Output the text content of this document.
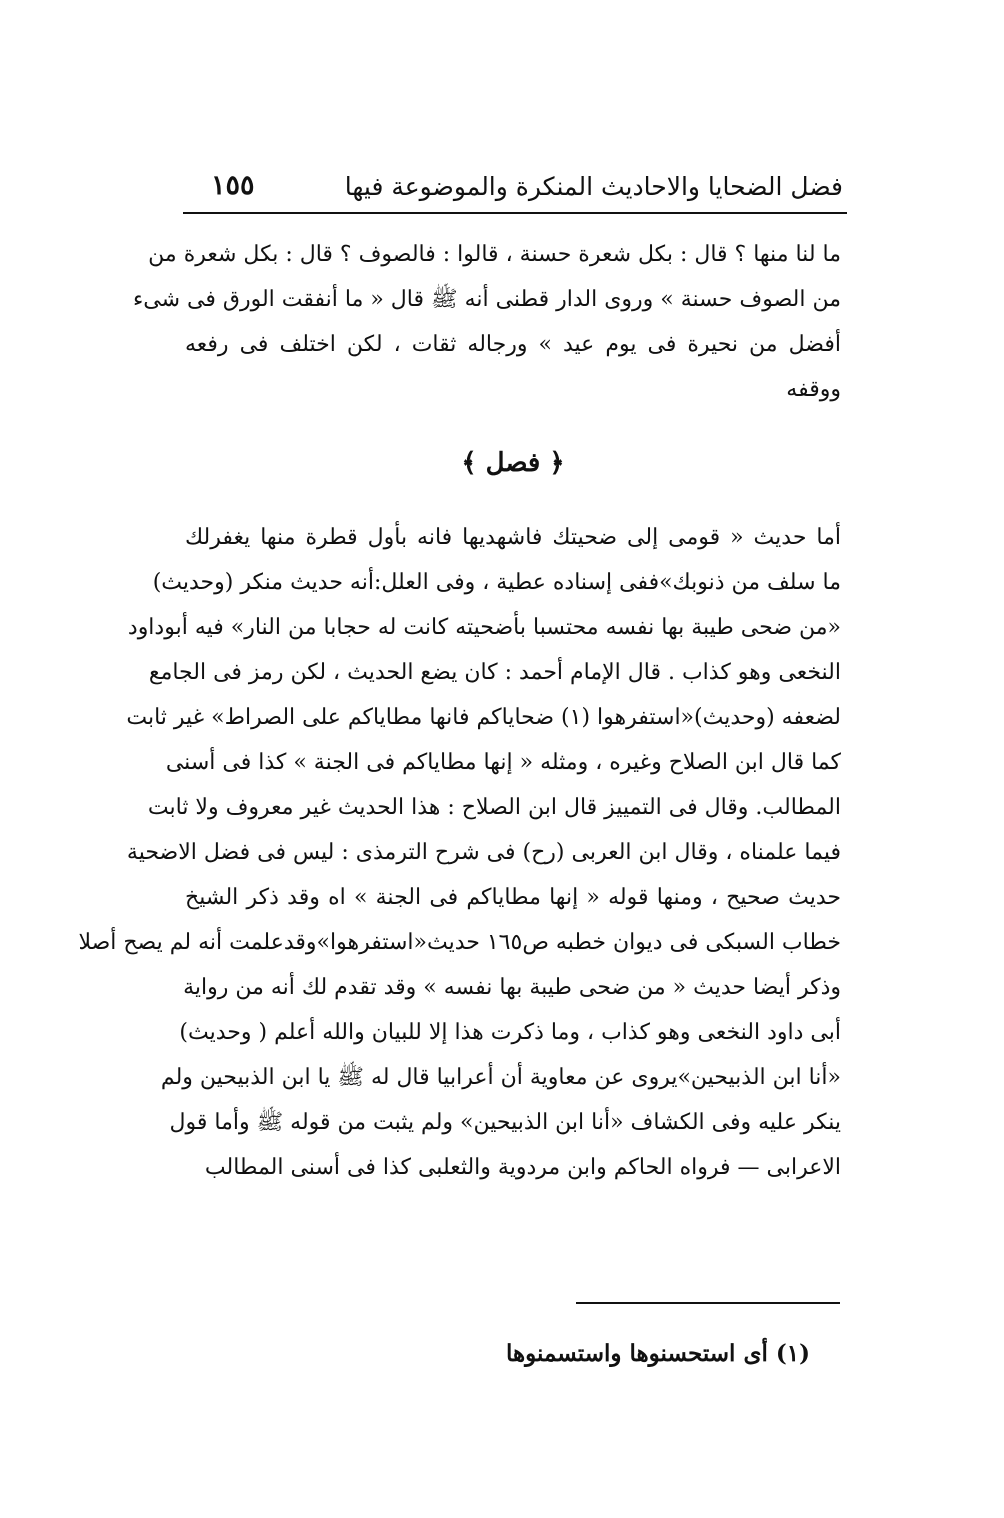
فضل الضحايا والاحاديث المنكرة والموضوعة فيها
١٥٥
ما لنا منها ؟ قال : بكل شعرة حسنة ، قالوا : فالصوف ؟ قال : بكل شعرة من
من الصوف حسنة » وروى الدار قطنى أنه ﷺ قال « ما أنفقت الورق فى شىء
أفضل من نحيرة فى يوم عيد » ورجاله ثقات ، لكن اختلف فى رفعه
ووقفه
﴿ فصل ﴾
أما حديث « قومى إلى ضحيتك فاشهديها فانه بأول قطرة منها يغفرلك
ما سلف من ذنوبك»ففى إسناده عطية ، وفى العلل:أنه حديث منكر (وحديث)
«من ضحى طيبة بها نفسه محتسبا بأضحيته كانت له حجابا من النار» فيه أبوداود
النخعى وهو كذاب . قال الإمام أحمد : كان يضع الحديث ، لكن رمز فى الجامع
لضعفه (وحديث)«استفرهوا (١) ضحاياكم فانها مطاياكم على الصراط» غير ثابت
كما قال ابن الصلاح وغيره ، ومثله « إنها مطاياكم فى الجنة » كذا فى أسنى
المطالب. وقال فى التمييز قال ابن الصلاح : هذا الحديث غير معروف ولا ثابت
فيما علمناه ، وقال ابن العربى (رح) فى شرح الترمذى : ليس فى فضل الاضحية
حديث صحيح ، ومنها قوله « إنها مطاياكم فى الجنة » اه وقد ذكر الشيخ
خطاب السبكى فى ديوان خطبه ص١٦٥ حديث«استفرهوا»وقدعلمت أنه لم يصح أصلا
وذكر أيضا حديث « من ضحى طيبة بها نفسه » وقد تقدم لك أنه من رواية
أبى داود النخعى وهو كذاب ، وما ذكرت هذا إلا للبيان والله أعلم ( وحديث)
«أنا ابن الذبيحين»يروى عن معاوية أن أعرابيا قال له ﷺ يا ابن الذبيحين ولم
ينكر عليه وفى الكشاف «أنا ابن الذبيحين» ولم يثبت من قوله ﷺ وأما قول
الاعرابى — فرواه الحاكم وابن مردوية والثعلبى كذا فى أسنى المطالب
(١) أى استحسنوها واستسمنوها
